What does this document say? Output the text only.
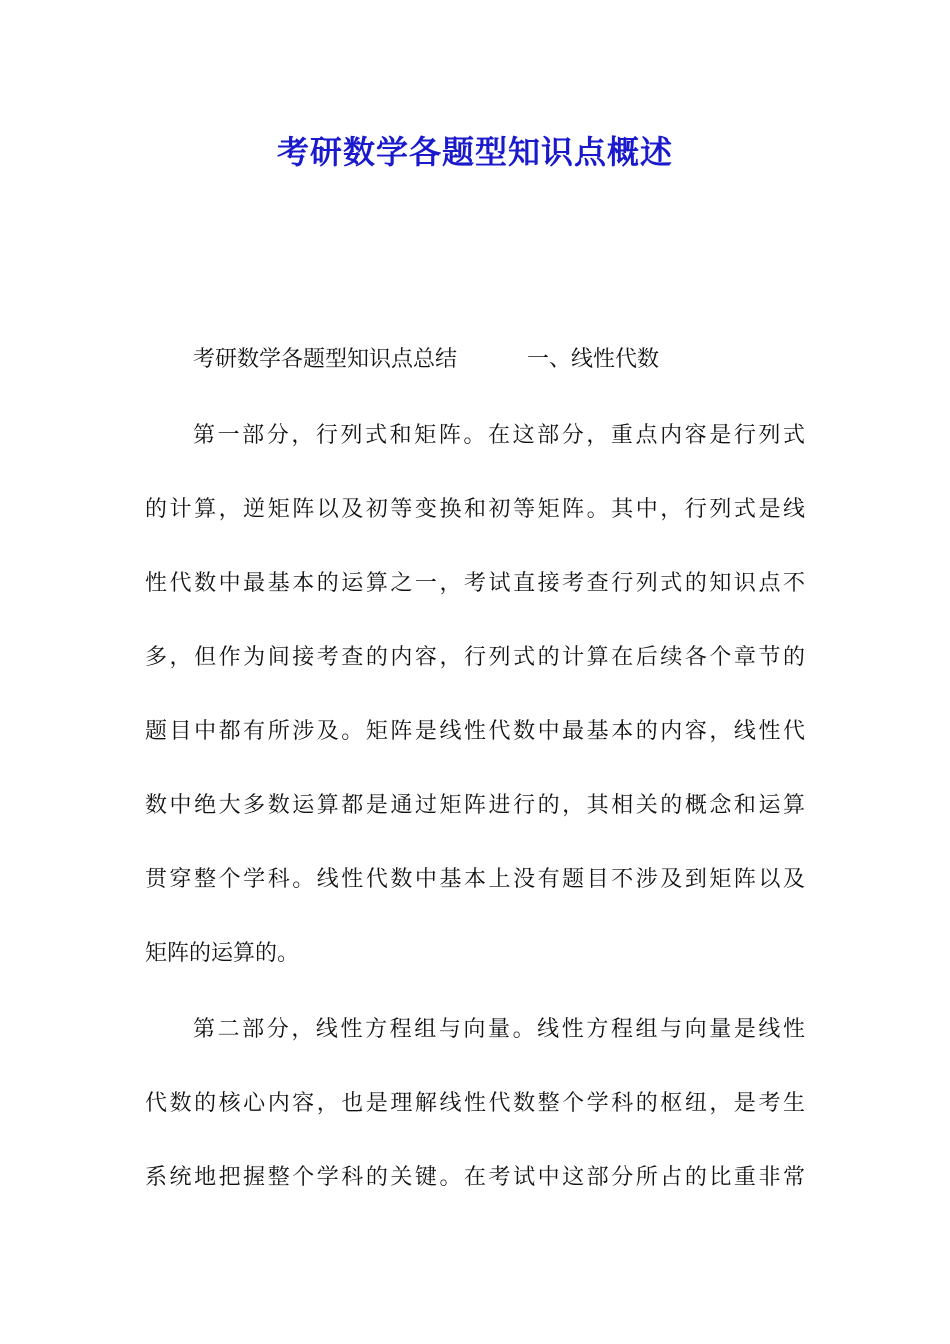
考研数学各题型知识点概述
考研数学各题型知识点总结	一、线性代数
第一部分，行列式和矩阵。在这部分，重点内容是行列式
的计算，逆矩阵以及初等变换和初等矩阵。其中，行列式是线
性代数中最基本的运算之一，考试直接考查行列式的知识点不
多，但作为间接考查的内容，行列式的计算在后续各个章节的
题目中都有所涉及。矩阵是线性代数中最基本的内容，线性代
数中绝大多数运算都是通过矩阵进行的，其相关的概念和运算
贯穿整个学科。线性代数中基本上没有题目不涉及到矩阵以及
矩阵的运算的。
第二部分，线性方程组与向量。线性方程组与向量是线性
代数的核心内容，也是理解线性代数整个学科的枢纽，是考生
系统地把握整个学科的关键。在考试中这部分所占的比重非常
